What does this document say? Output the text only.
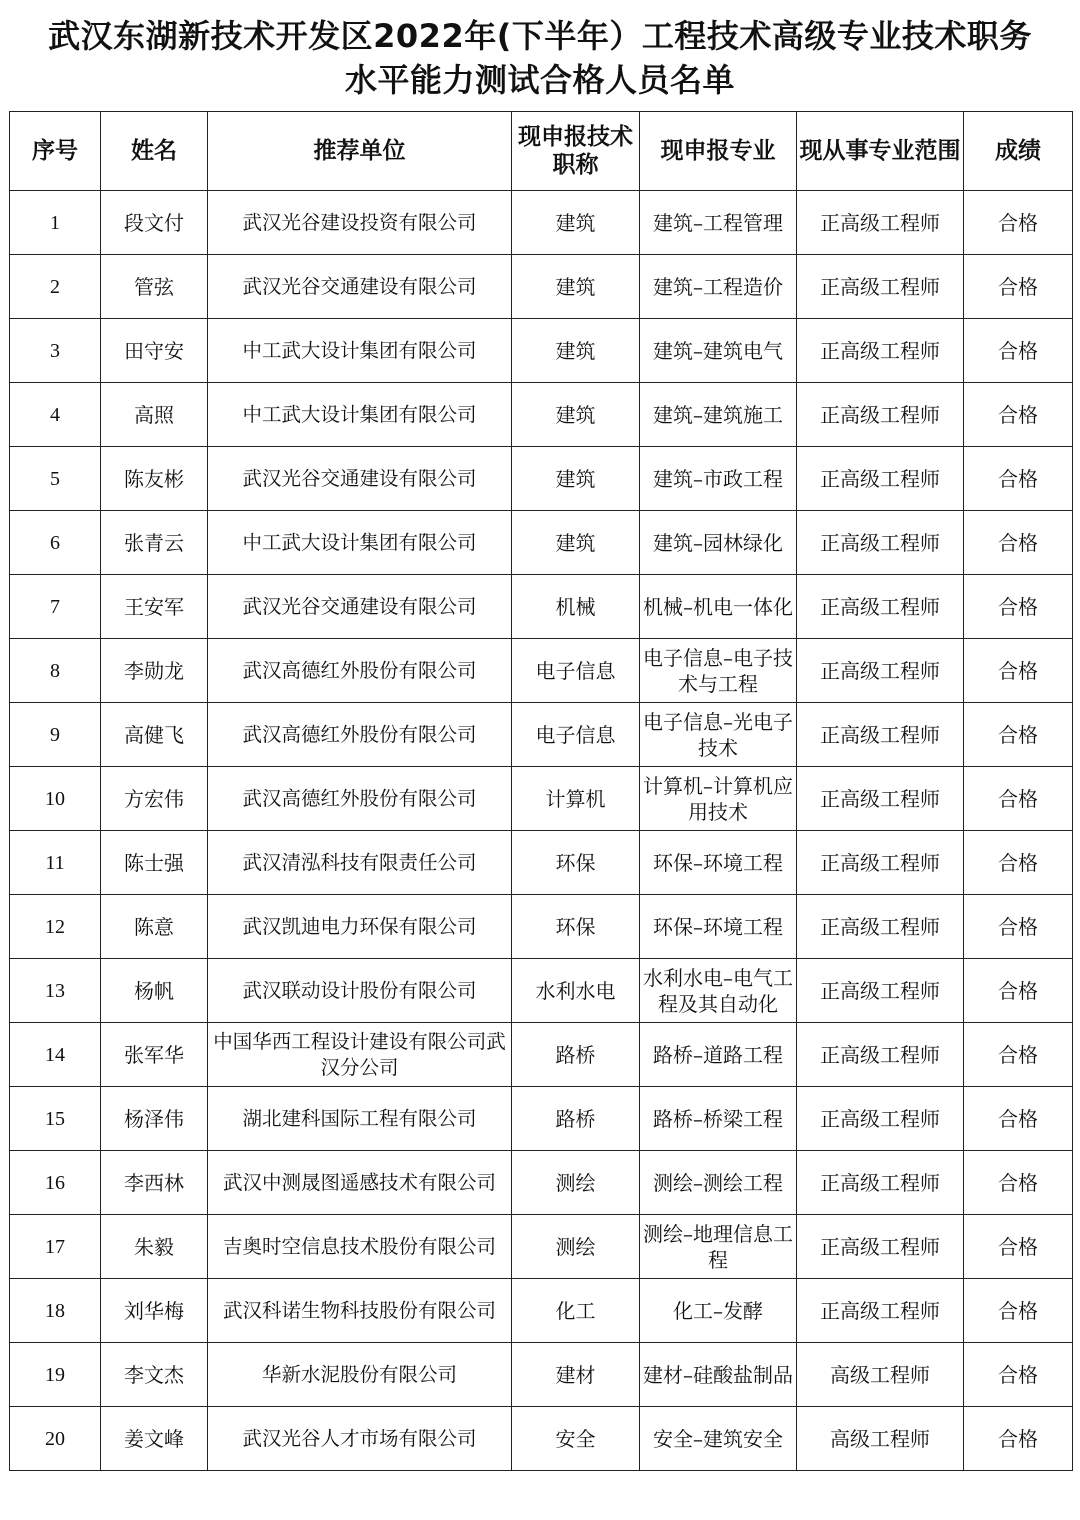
武汉东湖新技术开发区2022年(下半年）工程技术高级专业技术职务
水平能力测试合格人员名单
序号	姓名	推荐单位	现申报技术职称	现申报专业	现从事专业范围	成绩
1	段文付	武汉光谷建设投资有限公司	建筑	建筑–工程管理	正高级工程师	合格
2	管弦	武汉光谷交通建设有限公司	建筑	建筑–工程造价	正高级工程师	合格
3	田守安	中工武大设计集团有限公司	建筑	建筑–建筑电气	正高级工程师	合格
4	高照	中工武大设计集团有限公司	建筑	建筑–建筑施工	正高级工程师	合格
5	陈友彬	武汉光谷交通建设有限公司	建筑	建筑–市政工程	正高级工程师	合格
6	张青云	中工武大设计集团有限公司	建筑	建筑–园林绿化	正高级工程师	合格
7	王安军	武汉光谷交通建设有限公司	机械	机械–机电一体化	正高级工程师	合格
8	李勋龙	武汉高德红外股份有限公司	电子信息	电子信息–电子技术与工程	正高级工程师	合格
9	高健飞	武汉高德红外股份有限公司	电子信息	电子信息–光电子技术	正高级工程师	合格
10	方宏伟	武汉高德红外股份有限公司	计算机	计算机–计算机应用技术	正高级工程师	合格
11	陈士强	武汉清泓科技有限责任公司	环保	环保–环境工程	正高级工程师	合格
12	陈意	武汉凯迪电力环保有限公司	环保	环保–环境工程	正高级工程师	合格
13	杨帆	武汉联动设计股份有限公司	水利水电	水利水电–电气工程及其自动化	正高级工程师	合格
14	张军华	中国华西工程设计建设有限公司武汉分公司	路桥	路桥–道路工程	正高级工程师	合格
15	杨泽伟	湖北建科国际工程有限公司	路桥	路桥–桥梁工程	正高级工程师	合格
16	李西林	武汉中测晟图遥感技术有限公司	测绘	测绘–测绘工程	正高级工程师	合格
17	朱毅	吉奥时空信息技术股份有限公司	测绘	测绘–地理信息工程	正高级工程师	合格
18	刘华梅	武汉科诺生物科技股份有限公司	化工	化工–发酵	正高级工程师	合格
19	李文杰	华新水泥股份有限公司	建材	建材–硅酸盐制品	高级工程师	合格
20	姜文峰	武汉光谷人才市场有限公司	安全	安全–建筑安全	高级工程师	合格
